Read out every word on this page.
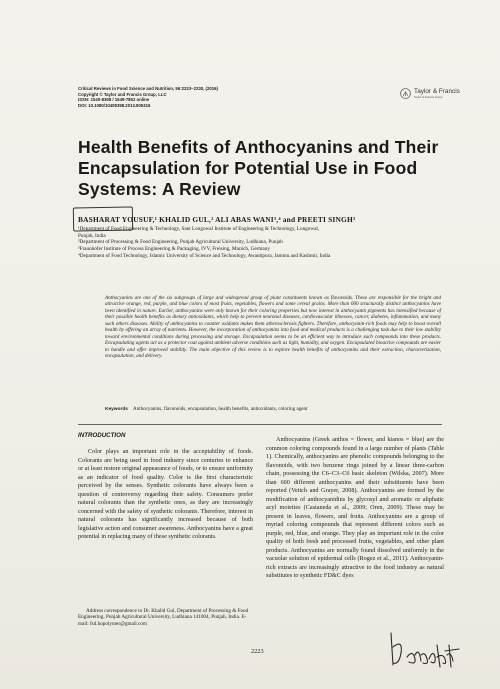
Critical Reviews in Food Science and Nutrition, 56:2223–2230, (2016)
Copyright © Taylor and Francis Group, LLC
ISSN: 1040-8398 / 1549-7852 online
DOI: 10.1080/10408398.2013.805316
Taylor & Francis
Taylor & Francis Group
Health Benefits of Anthocyanins and Their Encapsulation for Potential Use in Food Systems: A Review
BASHARAT YOUSUF,¹ KHALID GUL,² ALI ABAS WANI³,⁴ and PREETI SINGH³
¹Department of Food Engineering & Technology, Sant Longowal Institute of Engineering & Technology, Longowal,
Punjab, India
²Department of Processing & Food Engineering, Punjab Agricultural University, Ludhiana, Punjab
³Fraunhofer Institute of Process Engineering & Packaging, IVV, Freising, Munich, Germany
⁴Department of Food Technology, Islamic University of Science and Technology, Awantipora, Jammu and Kashmir, India
Anthocyanins are one of the six subgroups of large and widespread group of plant constituents known as flavonoids. These are responsible for the bright and attractive orange, red, purple, and blue colors of most fruits, vegetables, flowers and some cereal grains. More than 600 structurally distinct anthocyanins have been identified in nature. Earlier, anthocyanins were only known for their coloring properties but now interest in anthocyanin pigments has intensified because of their possible health benefits as dietary antioxidants, which help to prevent neuronal diseases, cardiovascular illnesses, cancer, diabetes, inflammation, and many such others diseases. Ability of anthocyanins to counter oxidants makes them atherosclerosis fighters. Therefore, anthocyanin-rich foods may help to boost overall health by offering an array of nutrients. However, the incorporation of anthocyanins into food and medical products is a challenging task due to their low stability toward environmental conditions during processing and storage. Encapsulation seems to be an efficient way to introduce such compounds into these products. Encapsulating agents act as a protector coat against ambient adverse conditions such as light, humidity, and oxygen. Encapsulated bioactive compounds are easier to handle and offer improved stability. The main objective of this review is to explore health benefits of anthocyanins and their extraction, characterization, encapsulation, and delivery.
Keywords Anthocyanins, flavonoids, encapsulation, health benefits, antioxidants, coloring agent
INTRODUCTION

Color plays an important role in the acceptability of foods. Colorants are being used in food industry since centuries to enhance or at least restore original appearance of foods, or to ensure uniformity as an indicator of food quality. Color is the first characteristic perceived by the senses. Synthetic colorants have always been a question of controversy regarding their safety. Consumers prefer natural colorants than the synthetic ones, as they are increasingly concerned with the safety of synthetic colorants. Therefore, interest in natural colorants has significantly increased because of both legislative action and consumer awareness. Anthocyanins have a great potential in replacing many of these synthetic colorants.

Anthocyanins (Greek anthos = flower, and kianos = blue) are the common coloring compounds found in a large number of plants (Table 1). Chemically, anthocyanins are phenolic compounds belonging to the flavonoids, with two benzene rings joined by a linear three-carbon chain, possessing the C6–C3–C6 basic skeleton (Wilska, 2007). More than 600 different anthocyanins and their substituents have been reported (Veitch and Grayer, 2008). Anthocyanins are formed by the modification of anthocyanidins by glycosyl and aromatic or aliphatic acyl moieties (Castaneda et al., 2009; Oren, 2009). These may be present in leaves, flowers, and fruits. Anthocyanins are a group of myriad coloring compounds that represent different colors such as purple, red, blue, and orange. They play an important role in the color quality of both fresh and processed fruits, vegetables, and other plant products. Anthocyanins are normally found dissolved uniformly in the vacuolar solution of epidermal cells (Rogez et al., 2011). Anthocyanin-rich extracts are increasingly attractive to the food industry as natural substitutes to synthetic FD&C dyes

Address correspondence to Dr. Khalid Gul, Department of Processing & Food Engineering, Punjab Agricultural University, Ludhiana 141004, Punjab, India. E-mail: fsd.hopolymer@gmail.com

2223
